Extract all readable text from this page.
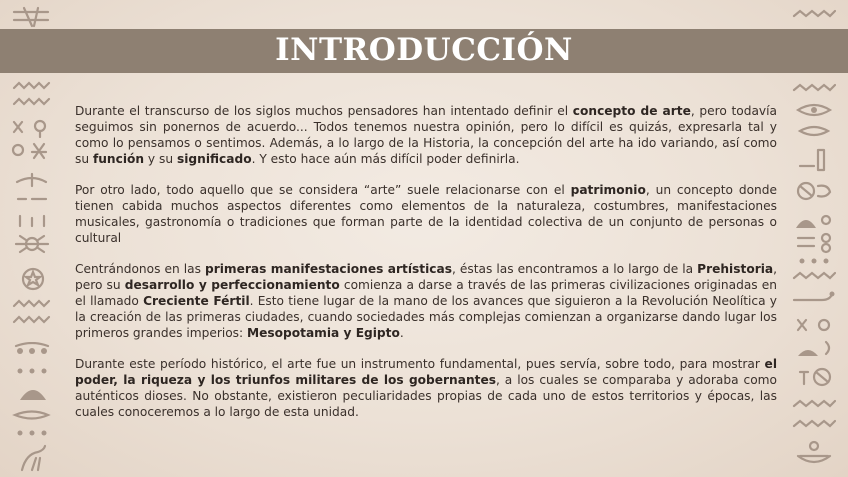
INTRODUCCIÓN

Durante el transcurso de los siglos muchos pensadores han intentado definir el concepto de arte, pero todavía seguimos sin ponernos de acuerdo... Todos tenemos nuestra opinión, pero lo difícil es quizás, expresarla tal y como lo pensamos o sentimos. Además, a lo largo de la Historia, la concepción del arte ha ido variando, así como su función y su significado. Y esto hace aún más difícil poder definirla.

Por otro lado, todo aquello que se considera “arte” suele relacionarse con el patrimonio, un concepto donde tienen cabida muchos aspectos diferentes como elementos de la naturaleza, costumbres, manifestaciones musicales, gastronomía o tradiciones que forman parte de la identidad colectiva de un conjunto de personas o cultural

Centrándonos en las primeras manifestaciones artísticas, éstas las encontramos a lo largo de la Prehistoria, pero su desarrollo y perfeccionamiento comienza a darse a través de las primeras civilizaciones originadas en el llamado Creciente Fértil. Esto tiene lugar de la mano de los avances que siguieron a la Revolución Neolítica y la creación de las primeras ciudades, cuando sociedades más complejas comienzan a organizarse dando lugar los primeros grandes imperios: Mesopotamia y Egipto.

Durante este período histórico, el arte fue un instrumento fundamental, pues servía, sobre todo, para mostrar el poder, la riqueza y los triunfos militares de los gobernantes, a los cuales se comparaba y adoraba como auténticos dioses. No obstante, existieron peculiaridades propias de cada uno de estos territorios y épocas, las cuales conoceremos a lo largo de esta unidad.
